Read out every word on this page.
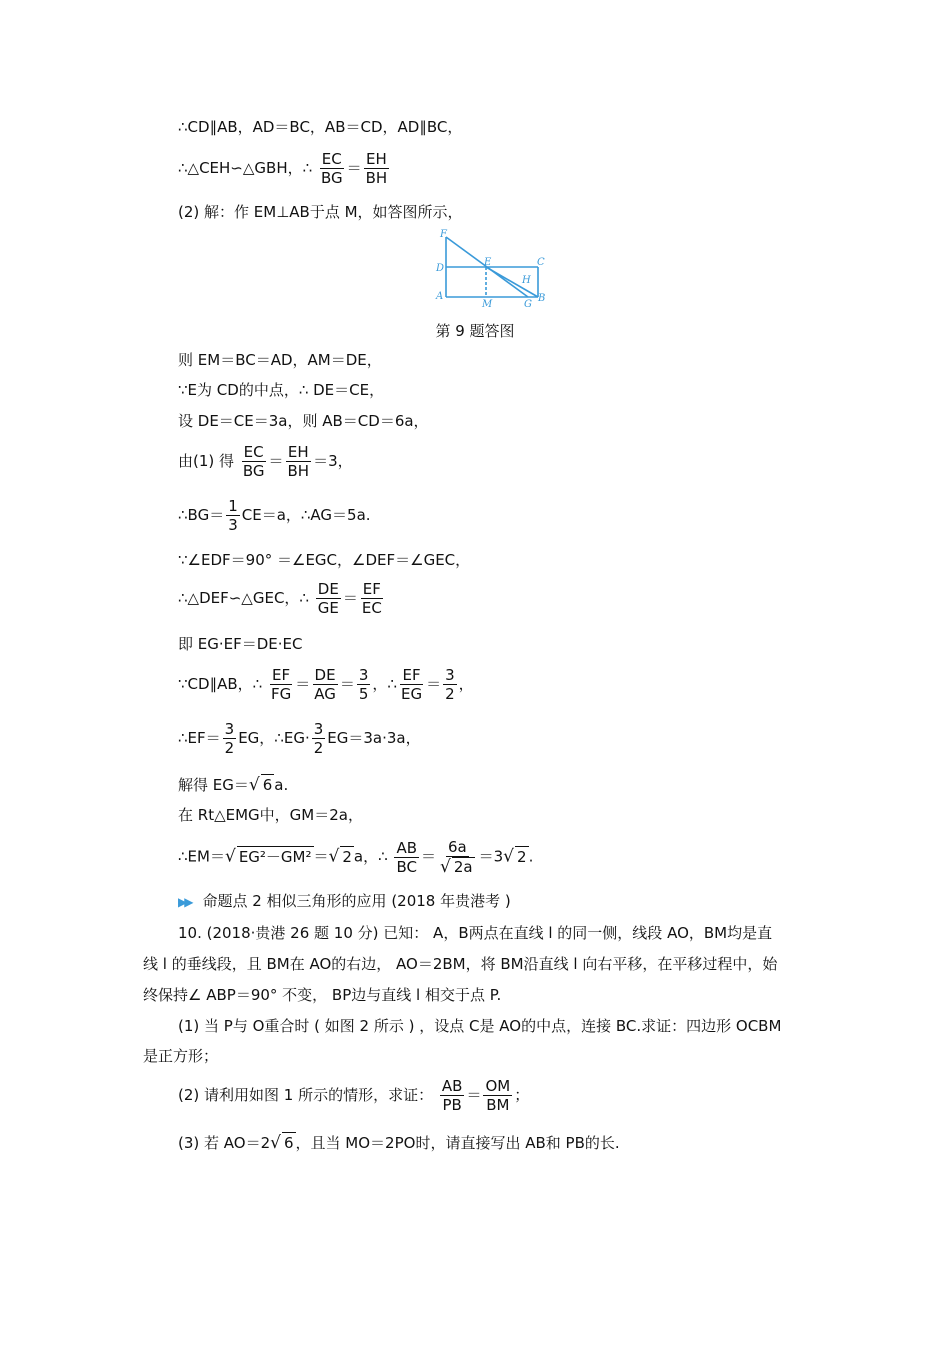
∴CD∥AB，AD＝BC，AB＝CD，AD∥BC，
∴△CEH∽△GBH，∴ $\frac{EC}{BG} = \frac{EH}{BH}$
(2) 解：作 EM⊥AB于点 M，如答图所示，
F
D
A
E
M
C
H
G
B
第 9 题答图
则 EM＝BC＝AD，AM＝DE，
∵E为 CD的中点，∴ DE＝CE，
设 DE＝CE＝3a，则 AB＝CD＝6a，
由(1) 得 $\frac{EC}{BG} = \frac{EH}{BH} =3$，
∴BG＝ $\frac{1}{3} CE=a$，∴AG＝5a.
∵∠EDF＝90° ＝∠EGC，∠DEF＝∠GEC，
∴△DEF∽△GEC，∴ $\frac{DE}{GE} = \frac{EF}{EC}$
即 EG·EF＝DE·EC
∵CD∥AB，∴ $\frac{EF}{FG} = \frac{DE}{AG} = \frac{3}{5}$ ，∴ $\frac{EF}{EG} = \frac{3}{2}$ ，
∴EF＝ $\frac{3}{2}$ EG，∴EG· $\frac{3}{2} EG=3a\cdot 3a$，
解得 EG＝√ 6 a.
在 Rt△EMG中，GM＝2a，
∴EM＝√ EG²－GM² ＝√ 2 a，∴ $\frac{AB}{BC} = \frac{6a}{√ 2a} =3√$ 2 .
▶▶ 命题点 2 相似三角形的应用 (2018 年贵港考 )
10. (2018·贵港 26 题 10 分) 已知： A，B两点在直线 l 的同一侧，线段 AO，BM均是直
线 l 的垂线段，且 BM在 AO的右边， AO＝2BM，将 BM沿直线 l 向右平移，在平移过程中，始
终保持∠ ABP＝90° 不变， BP边与直线 l 相交于点 P.
(1) 当 P与 O重合时 ( 如图 2 所示 ) ，设点 C是 AO的中点，连接 BC.求证：四边形 OCBM
是正方形；
(2) 请利用如图 1 所示的情形，求证： $\frac{AB}{PB} = \frac{OM}{BM}$ ；
(3) 若 AO＝2√ 6 ，且当 MO＝2PO时，请直接写出 AB和 PB的长.
